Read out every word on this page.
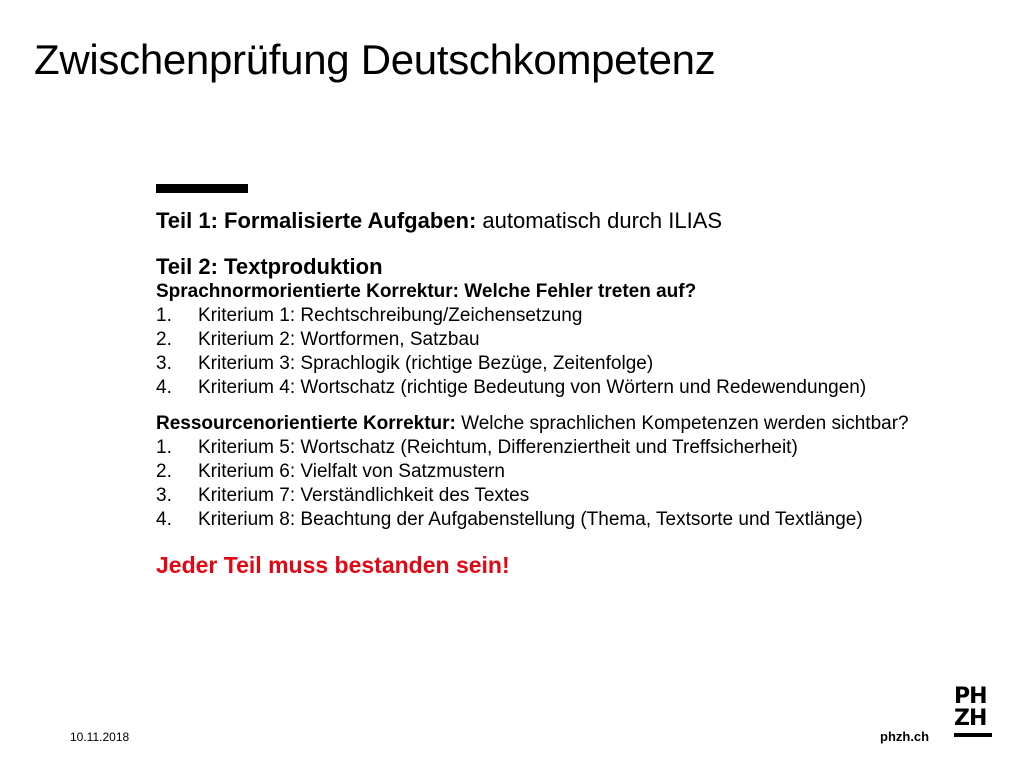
Zwischenprüfung Deutschkompetenz

Teil 1: Formalisierte Aufgaben: automatisch durch ILIAS

Teil 2: Textproduktion

Sprachnormorientierte Korrektur: Welche Fehler treten auf?

1.	Kriterium 1: Rechtschreibung/Zeichensetzung
2.	Kriterium 2: Wortformen, Satzbau
3.	Kriterium 3: Sprachlogik (richtige Bezüge, Zeitenfolge)
4.	Kriterium 4: Wortschatz (richtige Bedeutung von Wörtern und Redewendungen)

Ressourcenorientierte Korrektur: Welche sprachlichen Kompetenzen werden sichtbar?

1.	Kriterium 5: Wortschatz (Reichtum, Differenziertheit und Treffsicherheit)
2.	Kriterium 6: Vielfalt von Satzmustern
3.	Kriterium 7: Verständlichkeit des Textes
4.	Kriterium 8: Beachtung der Aufgabenstellung (Thema, Textsorte und Textlänge)

Jeder Teil muss bestanden sein!

10.11.2018	phzh.ch
PH
ZH
